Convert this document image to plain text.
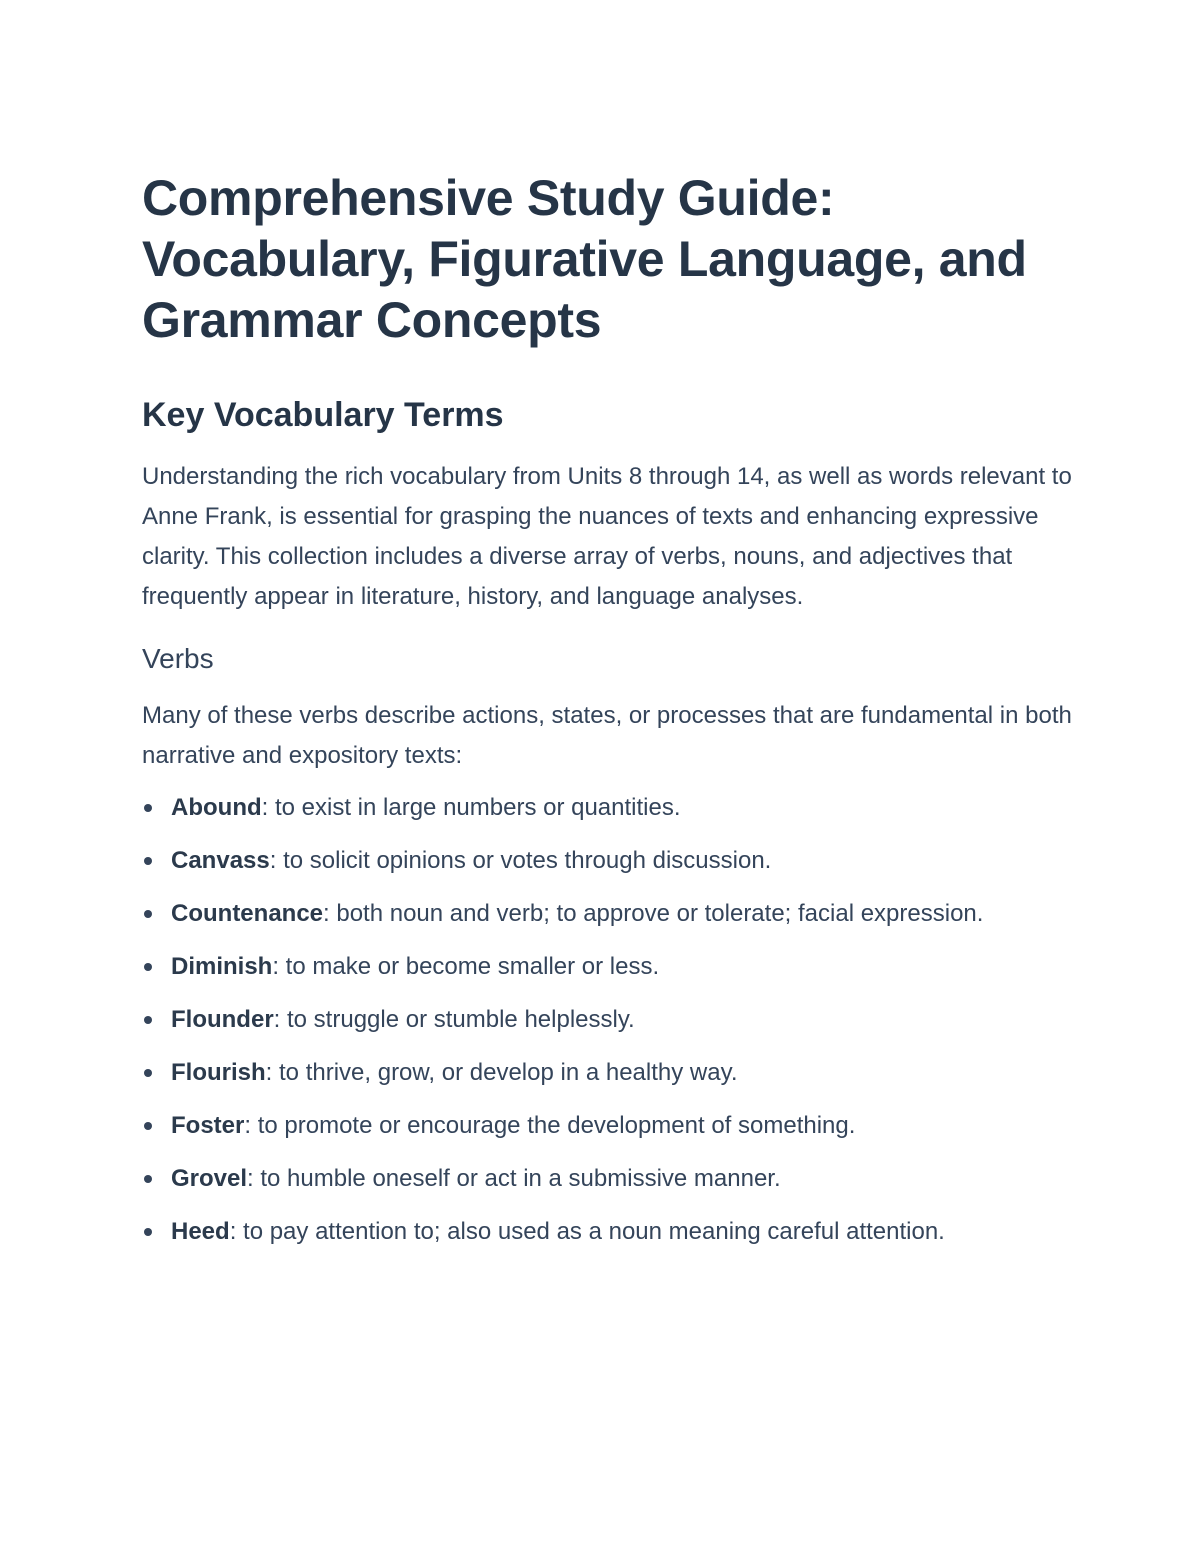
Comprehensive Study Guide: Vocabulary, Figurative Language, and Grammar Concepts
Key Vocabulary Terms

Understanding the rich vocabulary from Units 8 through 14, as well as words relevant to Anne Frank, is essential for grasping the nuances of texts and enhancing expressive clarity. This collection includes a diverse array of verbs, nouns, and adjectives that frequently appear in literature, history, and language analyses.

Verbs

Many of these verbs describe actions, states, or processes that are fundamental in both narrative and expository texts:

Abound: to exist in large numbers or quantities.
Canvass: to solicit opinions or votes through discussion.
Countenance: both noun and verb; to approve or tolerate; facial expression.
Diminish: to make or become smaller or less.
Flounder: to struggle or stumble helplessly.
Flourish: to thrive, grow, or develop in a healthy way.
Foster: to promote or encourage the development of something.
Grovel: to humble oneself or act in a submissive manner.
Heed: to pay attention to; also used as a noun meaning careful attention.
